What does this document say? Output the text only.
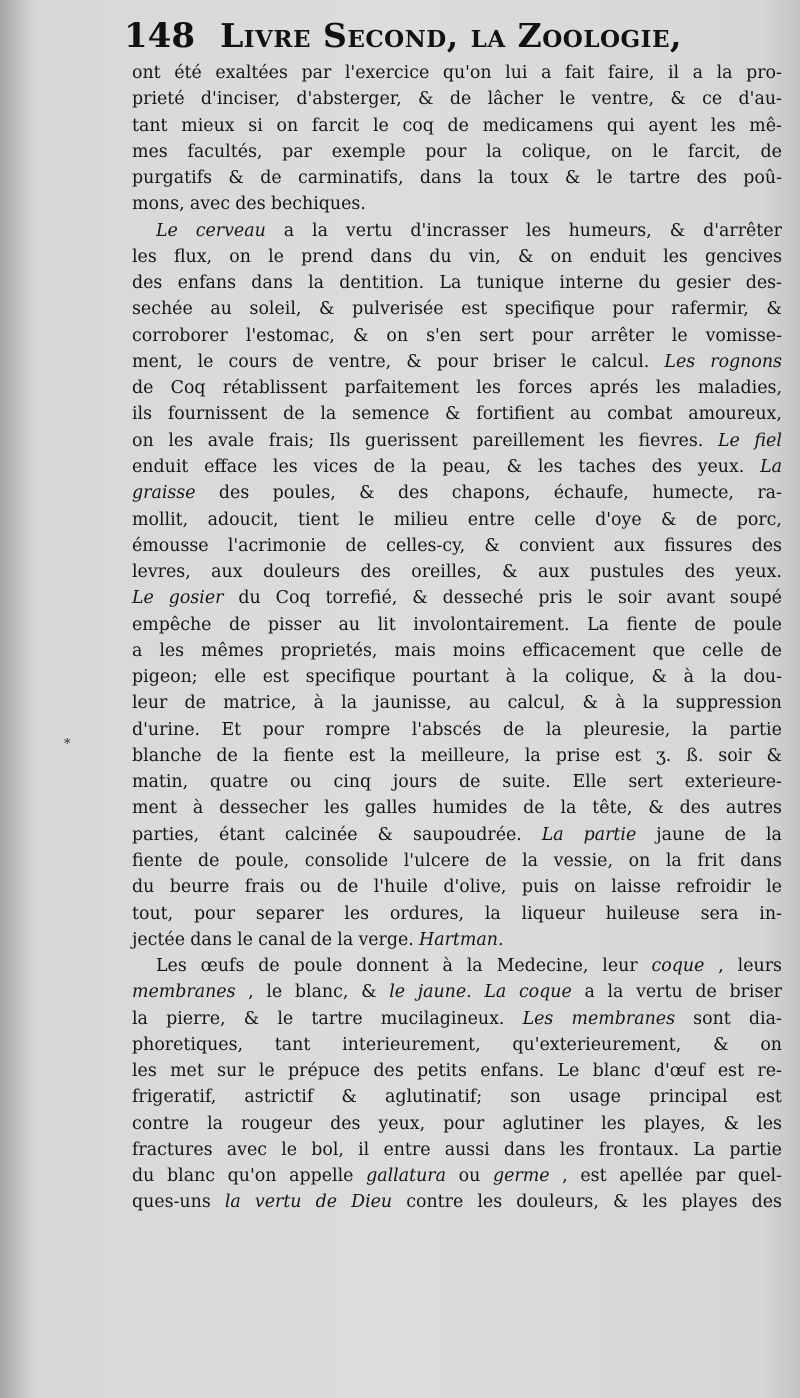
148 Livre Second, la Zoologie,
*
ont été exaltées par l'exercice qu'on lui a fait faire, il a la pro-
prieté d'inciser, d'absterger, & de lâcher le ventre, & ce d'au-
tant mieux si on farcit le coq de medicamens qui ayent les mê-
mes facultés, par exemple pour la colique, on le farcit, de
purgatifs & de carminatifs, dans la toux & le tartre des poû-
mons, avec des bechiques.
Le cerveau a la vertu d'incrasser les humeurs, & d'arrêter
les flux, on le prend dans du vin, & on enduit les gencives
des enfans dans la dentition. La tunique interne du gesier des-
sechée au soleil, & pulverisée est specifique pour rafermir, &
corroborer l'estomac, & on s'en sert pour arrêter le vomisse-
ment, le cours de ventre, & pour briser le calcul. Les rognons
de Coq rétablissent parfaitement les forces aprés les maladies,
ils fournissent de la semence & fortifient au combat amoureux,
on les avale frais; Ils guerissent pareillement les fievres. Le fiel
enduit efface les vices de la peau, & les taches des yeux. La
graisse des poules, & des chapons, échaufe, humecte, ra-
mollit, adoucit, tient le milieu entre celle d'oye & de porc,
émousse l'acrimonie de celles-cy, & convient aux fissures des
levres, aux douleurs des oreilles, & aux pustules des yeux.
Le gosier du Coq torrefié, & desseché pris le soir avant soupé
empêche de pisser au lit involontairement. La fiente de poule
a les mêmes proprietés, mais moins efficacement que celle de
pigeon; elle est specifique pourtant à la colique, & à la dou-
leur de matrice, à la jaunisse, au calcul, & à la suppression
d'urine. Et pour rompre l'abscés de la pleuresie, la partie
blanche de la fiente est la meilleure, la prise est ʒ. ß. soir &
matin, quatre ou cinq jours de suite. Elle sert exterieure-
ment à dessecher les galles humides de la tête, & des autres
parties, étant calcinée & saupoudrée. La partie jaune de la
fiente de poule, consolide l'ulcere de la vessie, on la frit dans
du beurre frais ou de l'huile d'olive, puis on laisse refroidir le
tout, pour separer les ordures, la liqueur huileuse sera in-
jectée dans le canal de la verge. Hartman.
Les œufs de poule donnent à la Medecine, leur coque , leurs
membranes , le blanc, & le jaune. La coque a la vertu de briser
la pierre, & le tartre mucilagineux. Les membranes sont dia-
phoretiques, tant interieurement, qu'exterieurement, & on
les met sur le prépuce des petits enfans. Le blanc d'œuf est re-
frigeratif, astrictif & aglutinatif; son usage principal est
contre la rougeur des yeux, pour aglutiner les playes, & les
fractures avec le bol, il entre aussi dans les frontaux. La partie
du blanc qu'on appelle gallatura ou germe , est apellée par quel-
ques-uns la vertu de Dieu contre les douleurs, & les playes des
